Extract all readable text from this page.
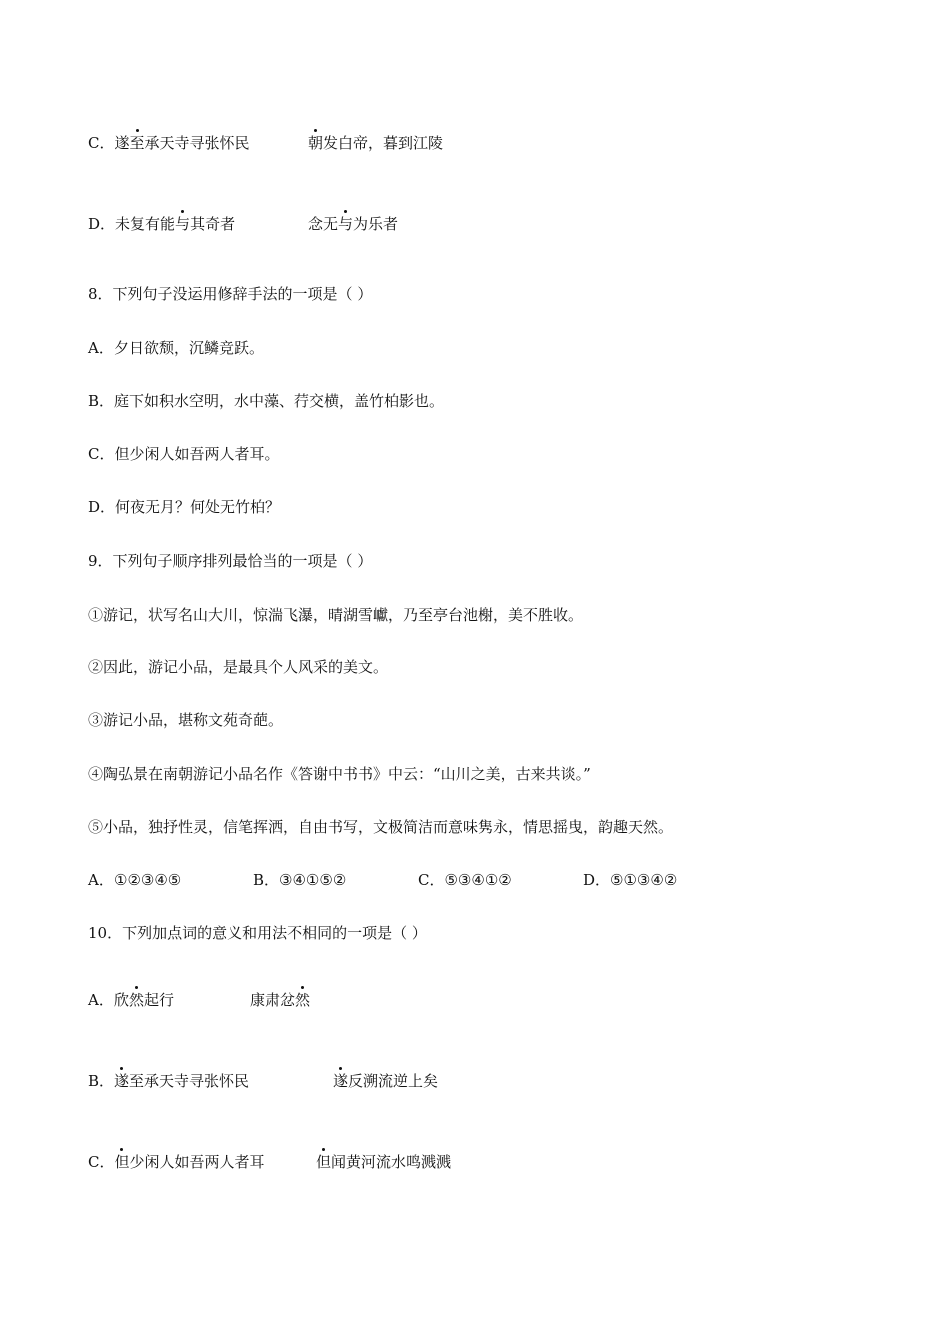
C．遂至承天寺寻张怀民	朝发白帝，暮到江陵
D．未复有能与其奇者	念无与为乐者
8．下列句子没运用修辞手法的一项是（ ）
A．夕日欲颓，沉鳞竞跃。
B．庭下如积水空明，水中藻、荇交横，盖竹柏影也。
C．但少闲人如吾两人者耳。
D．何夜无月？何处无竹柏？
9．下列句子顺序排列最恰当的一项是（ ）
①游记，状写名山大川，惊湍飞瀑，晴湖雪巘，乃至亭台池榭，美不胜收。
②因此，游记小品，是最具个人风采的美文。
③游记小品，堪称文苑奇葩。
④陶弘景在南朝游记小品名作《答谢中书书》中云：“山川之美，古来共谈。”
⑤小品，独抒性灵，信笔挥洒，自由书写，文极简洁而意味隽永，情思摇曳，韵趣天然。
A．①②③④⑤	B．③④①⑤②	C．⑤③④①②	D．⑤①③④②
10．下列加点词的意义和用法不相同的一项是（ ）
A．欣然起行	康肃忿然
B．遂至承天寺寻张怀民	遂反溯流逆上矣
C．但少闲人如吾两人者耳	但闻黄河流水鸣溅溅
